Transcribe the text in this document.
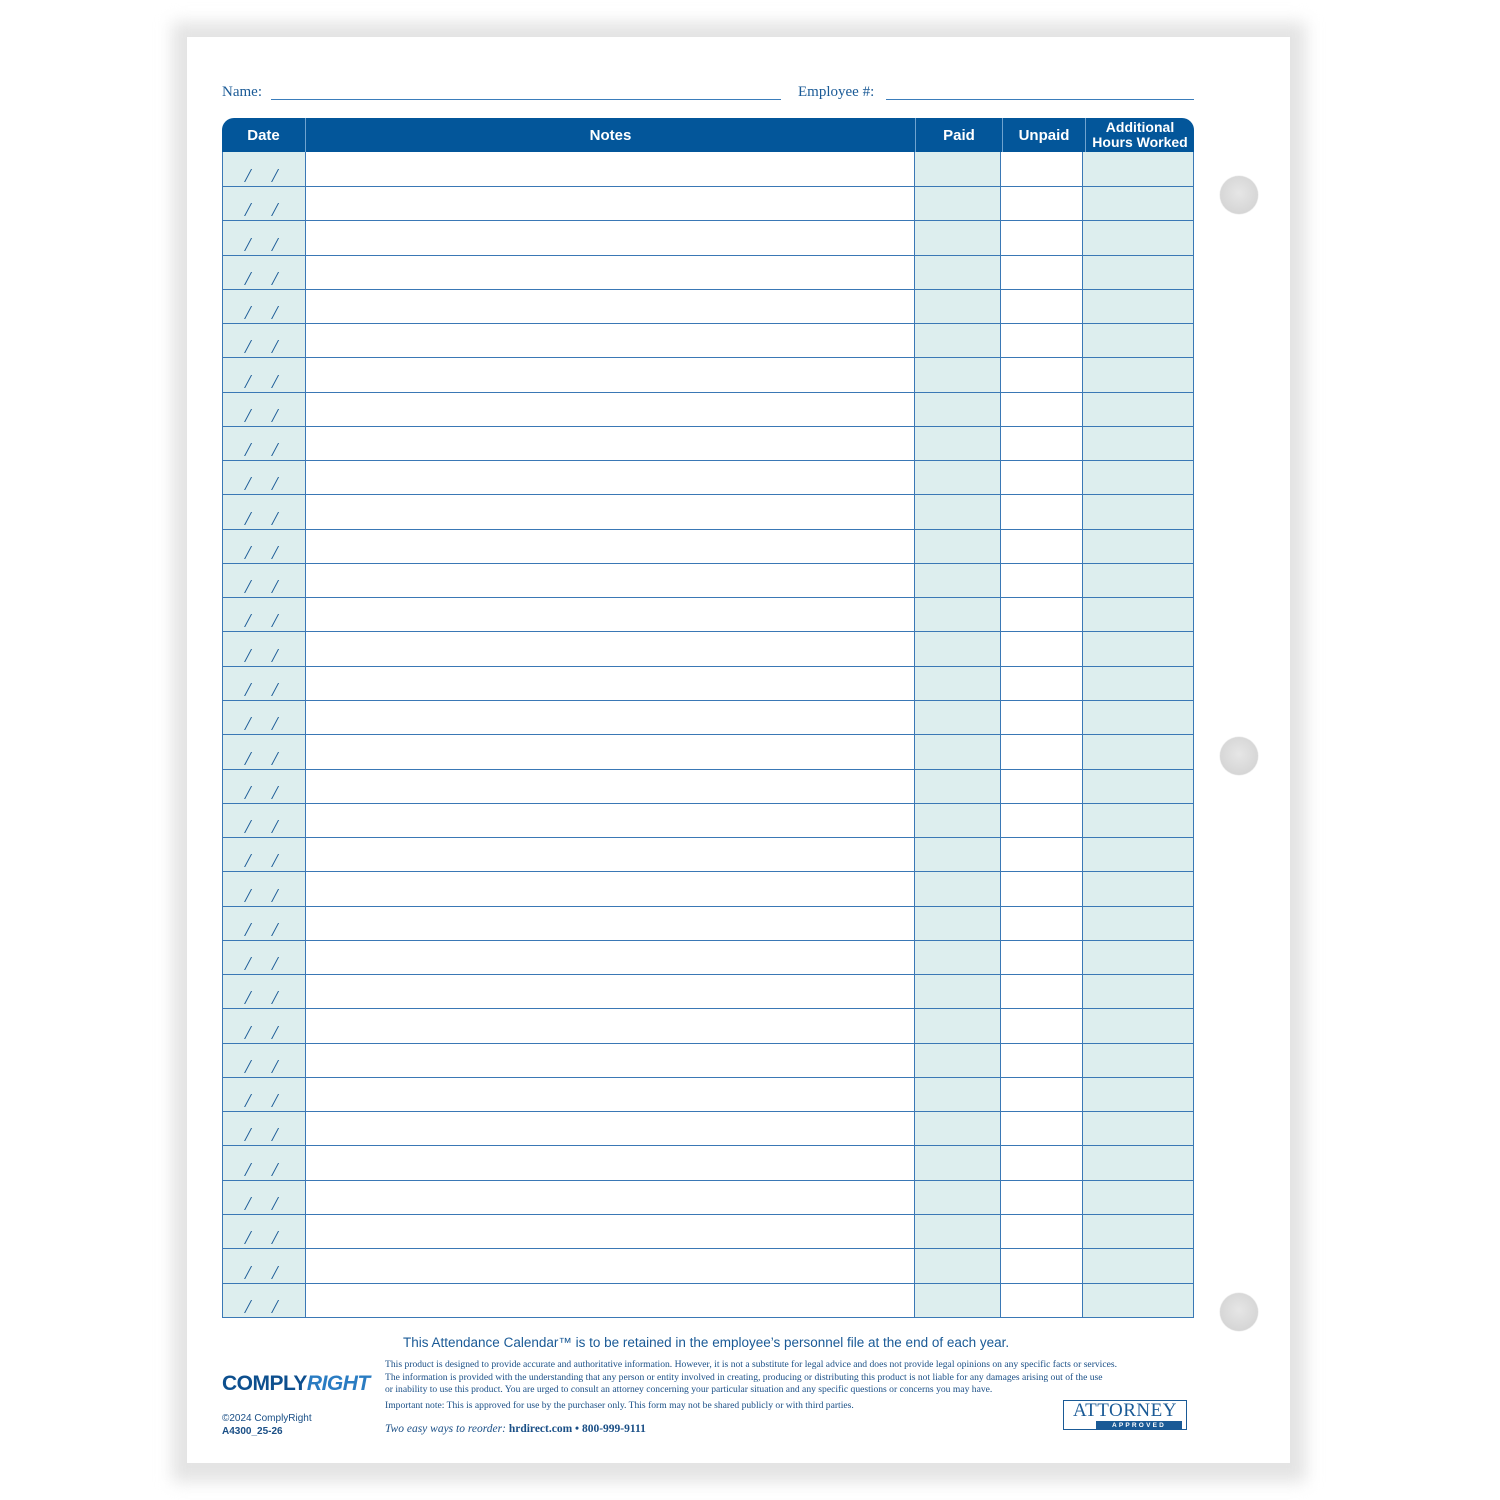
Name:	Employee #:
Date	Notes	Paid	Unpaid	Additional Hours Worked
/ /
/ /
/ /
/ /
/ /
/ /
/ /
/ /
/ /
/ /
/ /
/ /
/ /
/ /
/ /
/ /
/ /
/ /
/ /
/ /
/ /
/ /
/ /
/ /
/ /
/ /
/ /
/ /
/ /
/ /
/ /
/ /
/ /
/ /
This Attendance Calendar™ is to be retained in the employee’s personnel file at the end of each year.
COMPLYRIGHT
©2024 ComplyRight
A4300_25-26

This product is designed to provide accurate and authoritative information. However, it is not a substitute for legal advice and does not provide legal opinions on any specific facts or services.

The information is provided with the understanding that any person or entity involved in creating, producing or distributing this product is not liable for any damages arising out of the use

or inability to use this product. You are urged to consult an attorney concerning your particular situation and any specific questions or concerns you may have.

Important note: This is approved for use by the purchaser only. This form may not be shared publicly or with third parties.

Two easy ways to reorder: hrdirect.com • 800-999-9111
ATTORNEY
APPROVED
